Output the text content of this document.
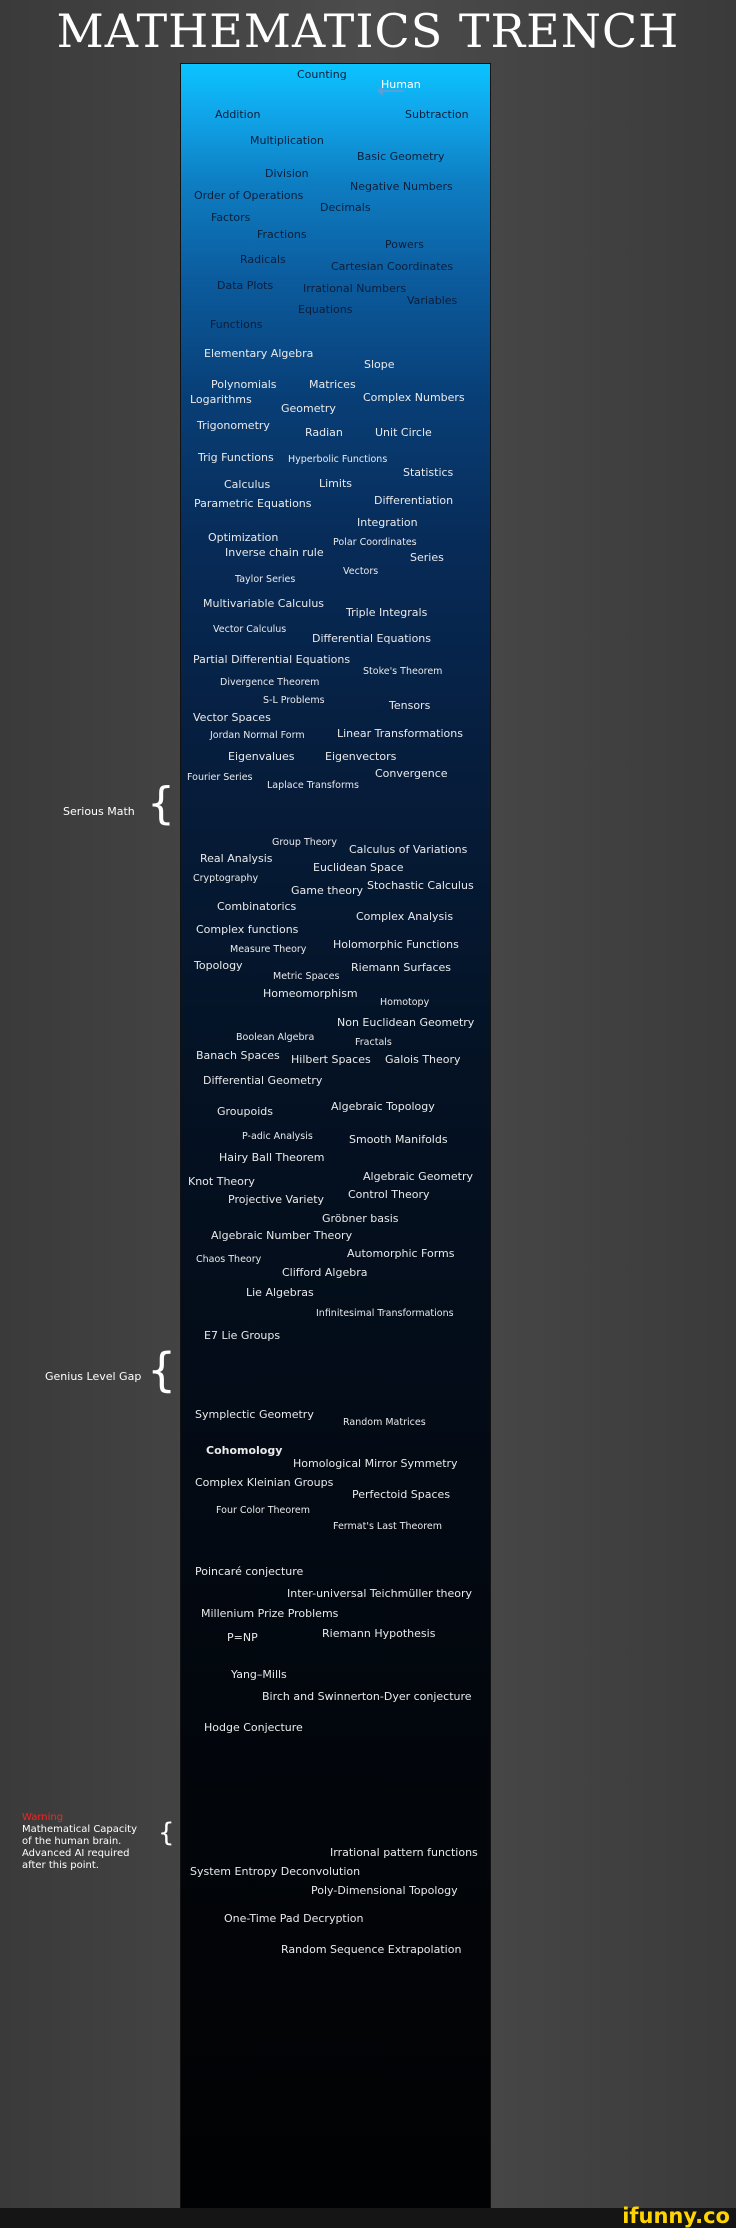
MATHEMATICS TRENCH
Counting
Human
Addition	Subtraction
Multiplication
Basic Geometry
Division
Negative Numbers
Order of Operations
Decimals
Factors
Fractions
Powers
Radicals
Cartesian Coordinates
Data Plots	Irrational Numbers
Variables
Equations
Functions
Elementary Algebra
Slope
Polynomials	Matrices
Complex Numbers
Logarithms
Geometry
Trigonometry
Radian	Unit Circle
Trig Functions Hyperbolic Functions
Statistics
Calculus	Limits
Parametric Equations	Differentiation
Integration
Optimization	Polar Coordinates
Inverse chain rule	Series
Vectors
Taylor Series
Multivariable Calculus
Triple Integrals
Vector Calculus
Differential Equations
Partial Differential Equations
Stoke's Theorem
Divergence Theorem
S-L Problems	Tensors
Vector Spaces
Jordan Normal Form	Linear Transformations
Eigenvalues	Eigenvectors
Convergence
Fourier Series
Laplace Transforms
Group Theory
Calculus of Variations
Real Analysis
Euclidean Space
Cryptography
Stochastic Calculus
Game theory
Combinatorics
Complex Analysis
Complex functions
Holomorphic Functions
Measure Theory
Topology	Riemann Surfaces
Metric Spaces
Homeomorphism
Homotopy
Non Euclidean Geometry
Boolean Algebra	Fractals
Banach Spaces Hilbert Spaces Galois Theory
Differential Geometry
Algebraic Topology
Groupoids
P-adic Analysis	Smooth Manifolds
Hairy Ball Theorem
Algebraic Geometry
Knot Theory
Control Theory
Projective Variety
Gröbner basis
Algebraic Number Theory
Automorphic Forms
Chaos Theory
Clifford Algebra
Lie Algebras
Infinitesimal Transformations
E7 Lie Groups
Symplectic Geometry
Random Matrices
Cohomology
Homological Mirror Symmetry
Complex Kleinian Groups
Perfectoid Spaces
Four Color Theorem
Fermat's Last Theorem
Poincaré conjecture
Inter-universal Teichmüller theory
Millenium Prize Problems
P=NP	Riemann Hypothesis
Yang–Mills
Birch and Swinnerton-Dyer conjecture
Hodge Conjecture
Irrational pattern functions
System Entropy Deconvolution
Poly-Dimensional Topology
One-Time Pad Decryption
Random Sequence Extrapolation
Serious Math {
Genius Level Gap {
Warning
Mathematical Capacity
of the human brain.
Advanced AI required
after this point.
{
ifunny.co
